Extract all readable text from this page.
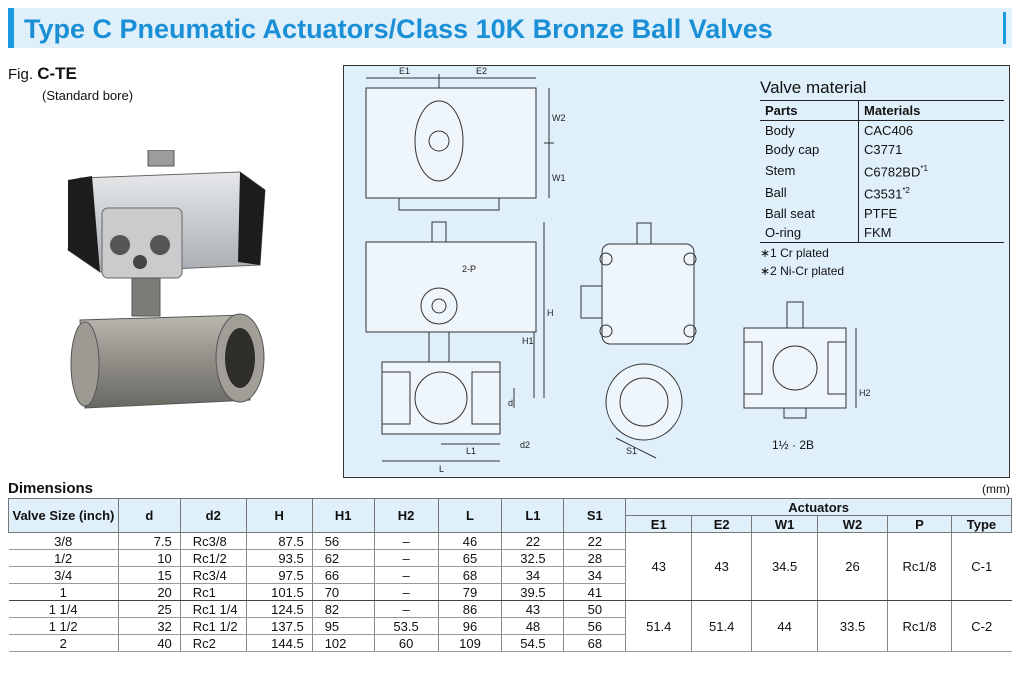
Type C Pneumatic Actuators/Class 10K Bronze Ball Valves
Fig. C-TE
(Standard bore)
E1	E2
W2
W1
2-P
H
H1
d
d2
L
L1	S1
H2
Valve material
Parts	Materials
Body	CAC406
Body cap	C3771
Stem	C6782BD$^{*1}$
Ball	C3531$^{*2}$
Ball seat	PTFE
O-ring	FKM
∗1 Cr plated
∗2 Ni-Cr plated
1½ · 2B
Dimensions	(mm)
Valve Size (inch)	d	d2	H	H1	H2	L	L1	S1	Actuators					
									E1	E2	W1	W2	P	Type
3/8	7.5	Rc3/8	87.5	56	–	46	22	22	43	43	34.5	26	Rc1/8	C-1
1/2	10	Rc1/2	93.5	62	–	65	32.5	28						
3/4	15	Rc3/4	97.5	66	–	68	34	34						
1	20	Rc1	101.5	70	–	79	39.5	41						
1 1/4	25	Rc1 1/4	124.5	82	–	86	43	50	51.4	51.4	44	33.5	Rc1/8	C-2
1 1/2	32	Rc1 1/2	137.5	95	53.5	96	48	56						
2	40	Rc2	144.5	102	60	109	54.5	68						
